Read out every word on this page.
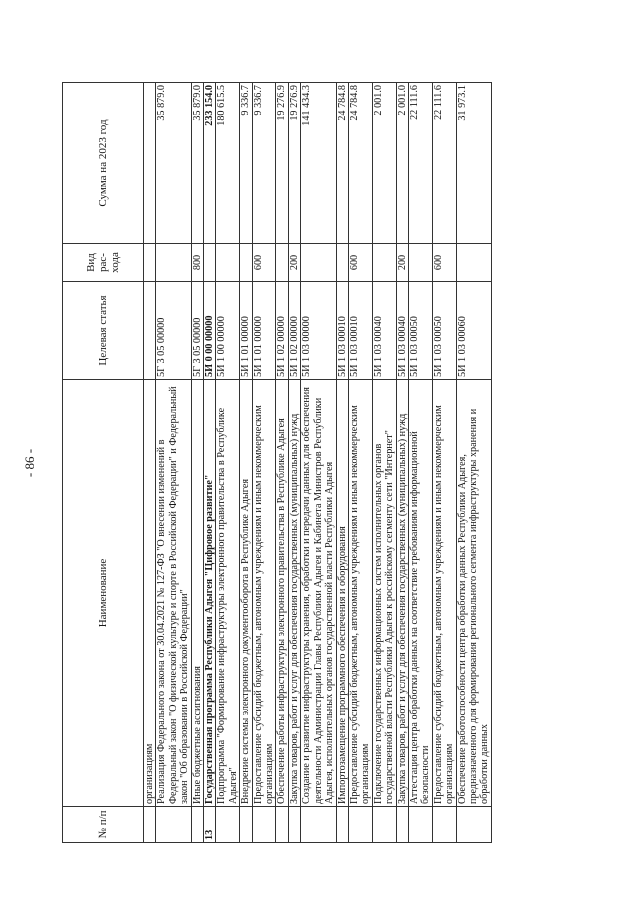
- 86 -
№ п/п	Наименование	Целевая статья	Вид рас-хода	Сумма на 2023 год
	организациям			
	Реализация Федерального закона от 30.04.2021 № 127-ФЗ "О внесении изменений в Федеральный закон "О физической культуре и спорте в Российской Федерации" и Федеральный закон "Об образовании в Российской Федерации"	5Г 3 05 00000		35 879.0
	Иные бюджетные ассигнования	5Г 3 05 00000	800	35 879.0
13	Государственная программа Республики Адыгея "Цифровое развитие"	5И 0 00 00000		233 154.0
	Подпрограмма "Формирование инфраструктуры электронного правительства в Республике Адыгея"	5И 1 00 00000		180 615.5
	Внедрение системы электронного документооборота в Республике Адыгея	5И 1 01 00000		9 336.7
	Предоставление субсидий бюджетным, автономным учреждениям и иным некоммерческим организациям	5И 1 01 00000	600	9 336.7
	Обеспечение работы инфраструктуры электронного правительства в Республике Адыгея	5И 1 02 00000		19 276.9
	Закупка товаров, работ и услуг для обеспечения государственных (муниципальных) нужд	5И 1 02 00000	200	19 276.9
	Создание и развитие инфраструктуры хранения, обработки и передачи данных для обеспечения деятельности Администрации Главы Республики Адыгея и Кабинета Министров Республики Адыгея, исполнительных органов государственной власти Республики Адыгея	5И 1 03 00000		141 434.3
	Импортозамещение программного обеспечения и оборудования	5И 1 03 00010		24 784.8
	Предоставление субсидий бюджетным, автономным учреждениям и иным некоммерческим организациям	5И 1 03 00010	600	24 784.8
	Подключение государственных информационных систем исполнительных органов государственной власти Республики Адыгея к российскому сегменту сети "Интернет"	5И 1 03 00040		2 001.0
	Закупка товаров, работ и услуг для обеспечения государственных (муниципальных) нужд	5И 1 03 00040	200	2 001.0
	Аттестация центра обработки данных на соответствие требованиям информационной безопасности	5И 1 03 00050		22 111.6
	Предоставление субсидий бюджетным, автономным учреждениям и иным некоммерческим организациям	5И 1 03 00050	600	22 111.6
	Обеспечение работоспособности центра обработки данных Республики Адыгея, предназначенного для формирования регионального сегмента инфраструктуры хранения и обработки данных	5И 1 03 00060		31 973.1
